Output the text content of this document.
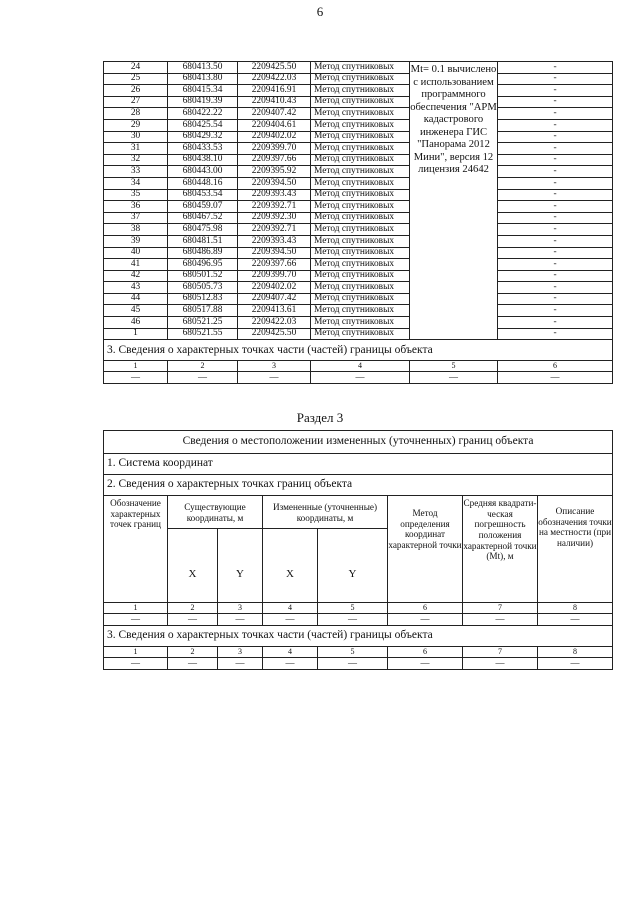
6
24	680413.50	2209425.50	Метод спутниковых	Mt= 0.1 вычислено с использованием программного обеспечения "АРМ кадастрового инженера ГИС "Панорама 2012 Мини", версия 12 лицензия 24642	-
25	680413.80	2209422.03	Метод спутниковых		-
26	680415.34	2209416.91	Метод спутниковых		-
27	680419.39	2209410.43	Метод спутниковых		-
28	680422.22	2209407.42	Метод спутниковых		-
29	680425.54	2209404.61	Метод спутниковых		-
30	680429.32	2209402.02	Метод спутниковых		-
31	680433.53	2209399.70	Метод спутниковых		-
32	680438.10	2209397.66	Метод спутниковых		-
33	680443.00	2209395.92	Метод спутниковых		-
34	680448.16	2209394.50	Метод спутниковых		-
35	680453.54	2209393.43	Метод спутниковых		-
36	680459.07	2209392.71	Метод спутниковых		-
37	680467.52	2209392.30	Метод спутниковых		-
38	680475.98	2209392.71	Метод спутниковых		-
39	680481.51	2209393.43	Метод спутниковых		-
40	680486.89	2209394.50	Метод спутниковых		-
41	680496.95	2209397.66	Метод спутниковых		-
42	680501.52	2209399.70	Метод спутниковых		-
43	680505.73	2209402.02	Метод спутниковых		-
44	680512.83	2209407.42	Метод спутниковых		-
45	680517.88	2209413.61	Метод спутниковых		-
46	680521.25	2209422.03	Метод спутниковых		-
1	680521.55	2209425.50	Метод спутниковых		-
3. Сведения о характерных точках части (частей) границы объекта					
1	2	3	4	5	6
—	—	—	—	—	—
Раздел 3
Сведения о местоположении измененных (уточненных) границ объекта							
1. Система координат							
2. Сведения о характерных точках границ объекта							
Обозначение характерных точек границ	Существующие координаты, м		Измененные (уточненные) координаты, м		Метод определения координат характерной точки	Средняя квадрати-ческая погрешность положения характерной точки (Mt), м	Описание обозначения точки на местности (при наличии)
	X	Y	X	Y			
1	2	3	4	5	6	7	8
—	—	—	—	—	—	—	—
3. Сведения о характерных точках части (частей) границы объекта							
1	2	3	4	5	6	7	8
—	—	—	—	—	—	—	—
